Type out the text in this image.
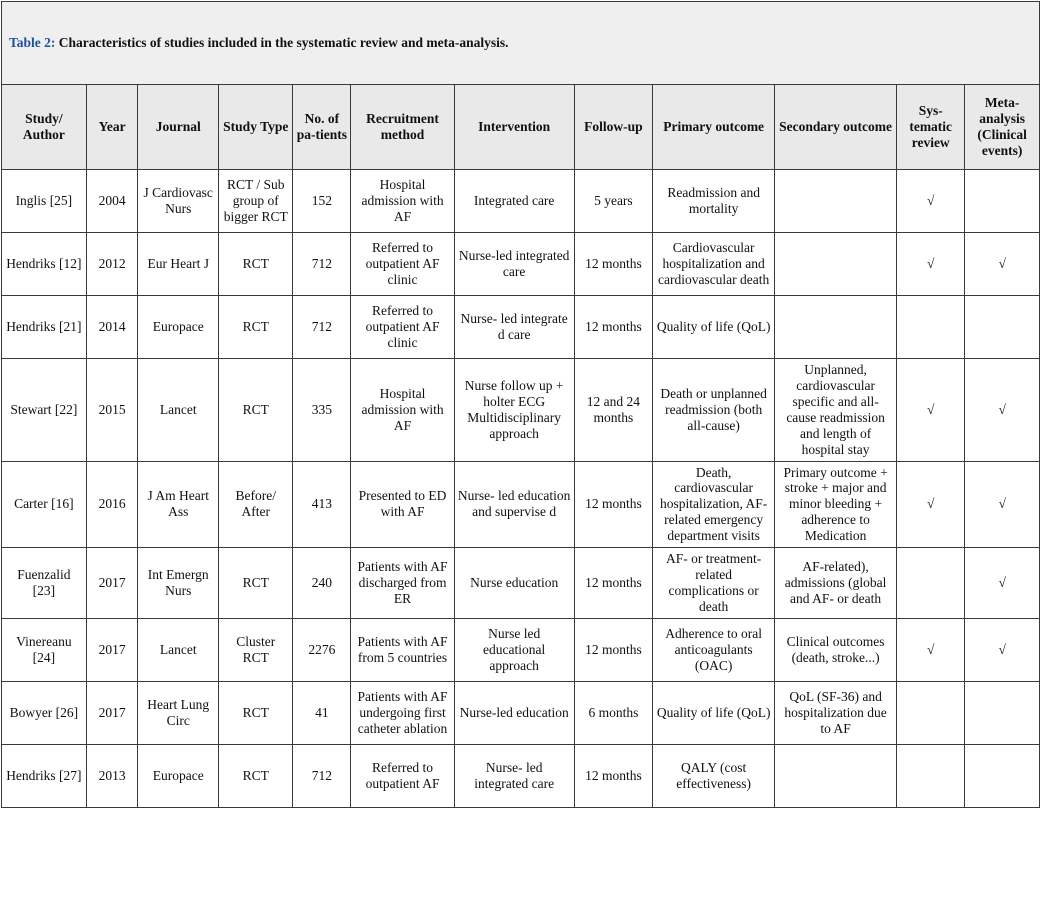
Table 2: Characteristics of studies included in the systematic review and meta-analysis.											
Study/ Author	Year	Journal	Study Type	No. of pa-tients	Recruitment method	Intervention	Follow-up	Primary outcome	Secondary outcome	Sys-tematic review	Meta-analysis (Clinical events)
Inglis [25]	2004	J Cardiovasc Nurs	RCT / Sub group of bigger RCT	152	Hospital admission with AF	Integrated care	5 years	Readmission and mortality		√	
Hendriks [12]	2012	Eur Heart J	RCT	712	Referred to outpatient AF clinic	Nurse-led integrated care	12 months	Cardiovascular hospitalization and cardiovascular death		√	√
Hendriks [21]	2014	Europace	RCT	712	Referred to outpatient AF clinic	Nurse- led integrate d care	12 months	Quality of life (QoL)			
Stewart [22]	2015	Lancet	RCT	335	Hospital admission with AF	Nurse follow up + holter ECG Multidisciplinary approach	12 and 24 months	Death or unplanned readmission (both all-cause)	Unplanned, cardiovascular specific and all-cause readmission and length of hospital stay	√	√
Carter [16]	2016	J Am Heart Ass	Before/ After	413	Presented to ED with AF	Nurse- led education and supervise d	12 months	Death, cardiovascular hospitalization, AF-related emergency department visits	Primary outcome + stroke + major and minor bleeding + adherence to Medication	√	√
Fuenzalid [23]	2017	Int Emergn Nurs	RCT	240	Patients with AF discharged from ER	Nurse education	12 months	AF- or treatment-related complications or death	AF-related), admissions (global and AF- or death		√
Vinereanu [24]	2017	Lancet	Cluster RCT	2276	Patients with AF from 5 countries	Nurse led educational approach	12 months	Adherence to oral anticoagulants (OAC)	Clinical outcomes (death, stroke...)	√	√
Bowyer [26]	2017	Heart Lung Circ	RCT	41	Patients with AF undergoing first catheter ablation	Nurse-led education	6 months	Quality of life (QoL)	QoL (SF-36) and hospitalization due to AF		
Hendriks [27]	2013	Europace	RCT	712	Referred to outpatient AF	Nurse- led integrated care	12 months	QALY (cost effectiveness)			
